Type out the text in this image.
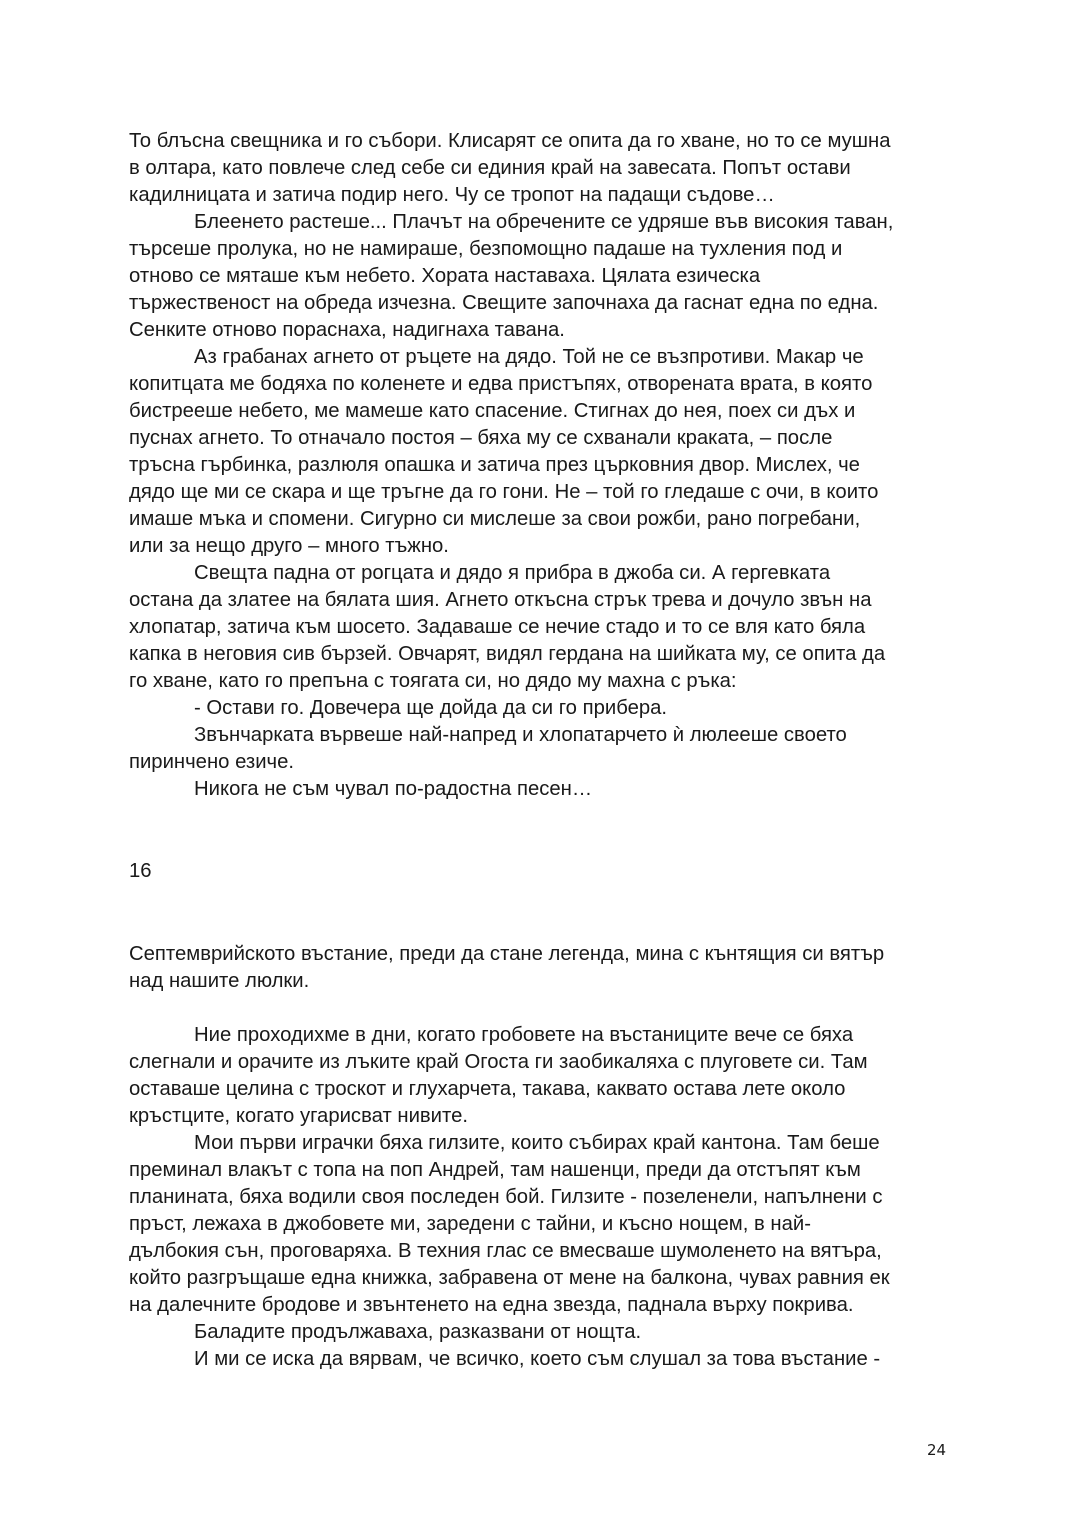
То блъсна свещника и го събори. Клисарят се опита да го хване, но то се мушна
в олтара, като повлече след себе си единия край на завесата. Попът остави
кадилницата и затича подир него. Чу се тропот на падащи съдове…

Блеенето растеше... Плачът на обречените се удряше във високия таван,
търсеше пролука, но не намираше, безпомощно падаше на тухления под и
отново се мяташе към небето. Хората наставаха. Цялата езическа
тържественост на обреда изчезна. Свещите започнаха да гаснат една по една.
Сенките отново пораснаха, надигнаха тавана.

Аз грабанах агнето от ръцете на дядо. Той не се възпротиви. Макар че
копитцата ме бодяха по коленете и едва пристъпях, отворената врата, в която
бистрееше небето, ме мамеше като спасение. Стигнах до нея, поех си дъх и
пуснах агнето. То отначало постоя – бяха му се схванали краката, – после
тръсна гърбинка, разлюля опашка и затича през църковния двор. Мислех, че
дядо ще ми се скара и ще тръгне да го гони. Не – той го гледаше с очи, в които
имаше мъка и спомени. Сигурно си мислеше за свои рожби, рано погребани,
или за нещо друго – много тъжно.

Свещта падна от рогцата и дядо я прибра в джоба си. А гергевката
остана да златее на бялата шия. Агнето откъсна стрък трева и дочуло звън на
хлопатар, затича към шосето. Задаваше се нечие стадо и то се вля като бяла
капка в неговия сив бързей. Овчарят, видял гердана на шийката му, се опита да
го хване, като го препъна с тоягата си, но дядо му махна с ръка:

- Остави го. Довечера ще дойда да си го прибера.

Звънчарката вървеше най-напред и хлопатарчето ѝ люлееше своето
пиринчено езиче.

Никога не съм чувал по-радостна песен…

16

Септемврийското въстание, преди да стане легенда, мина с кънтящия си вятър
над нашите люлки.

Ние проходихме в дни, когато гробовете на въстаниците вече се бяха
слегнали и орачите из лъките край Огоста ги заобикаляха с плуговете си. Там
оставаше целина с троскот и глухарчета, такава, каквато остава лете около
кръстците, когато угарисват нивите.

Мои първи играчки бяха гилзите, които събирах край кантона. Там беше
преминал влакът с топа на поп Андрей, там нашенци, преди да отстъпят към
планината, бяха водили своя последен бой. Гилзите - позеленели, напълнени с
пръст, лежаха в джобовете ми, заредени с тайни, и късно нощем, в най-
дълбокия сън, проговаряха. В техния глас се вмесваше шумоленето на вятъра,
който разгръщаше една книжка, забравена от мене на балкона, чувах равния ек
на далечните бродове и звънтенето на една звезда, паднала върху покрива.

Баладите продължаваха, разказвани от нощта.

И ми се иска да вярвам, че всичко, което съм слушал за това въстание -

24
